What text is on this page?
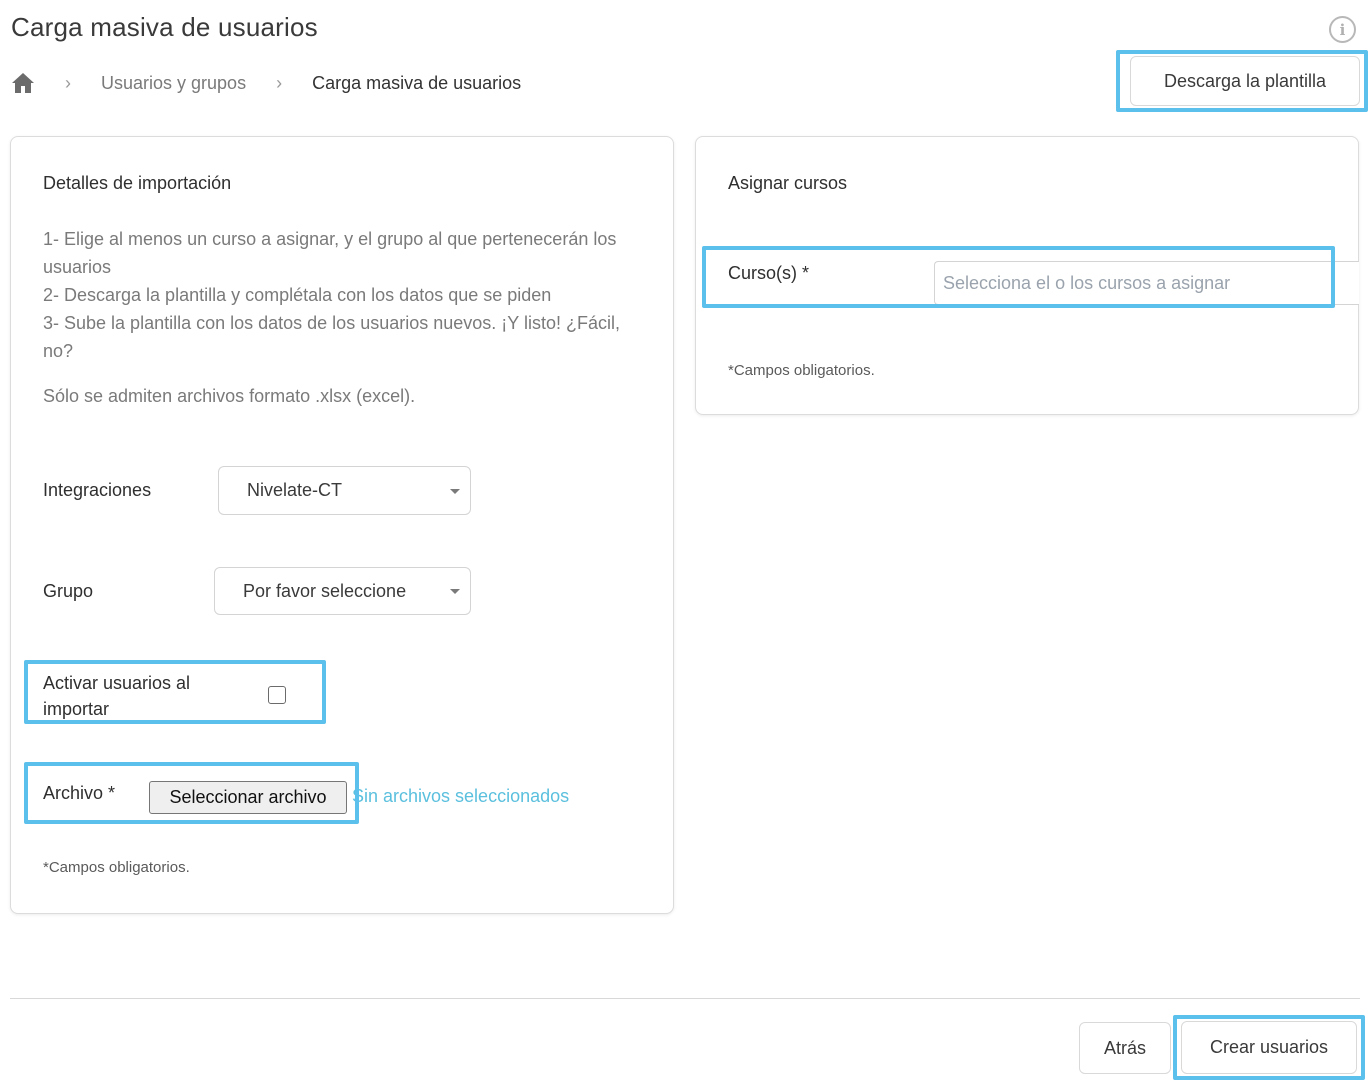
Carga masiva de usuarios	i
› Usuarios y grupos › Carga masiva de usuarios	Descarga la plantilla
Detalles de importación

1- Elige al menos un curso a asignar, y el grupo al que pertenecerán los usuarios

2- Descarga la plantilla y complétala con los datos que se piden

3- Sube la plantilla con los datos de los usuarios nuevos. ¡Y listo! ¿Fácil, no?

Sólo se admiten archivos formato .xlsx (excel).

Integraciones	Nivelate-CT
Grupo	Por favor seleccione
Activar usuarios al
importar
Archivo *	Seleccionar archivo	Sin archivos seleccionados

*Campos obligatorios.

Asignar cursos
Curso(s) *	Selecciona el o los cursos a asignar

*Campos obligatorios.

Atrás	Crear usuarios
